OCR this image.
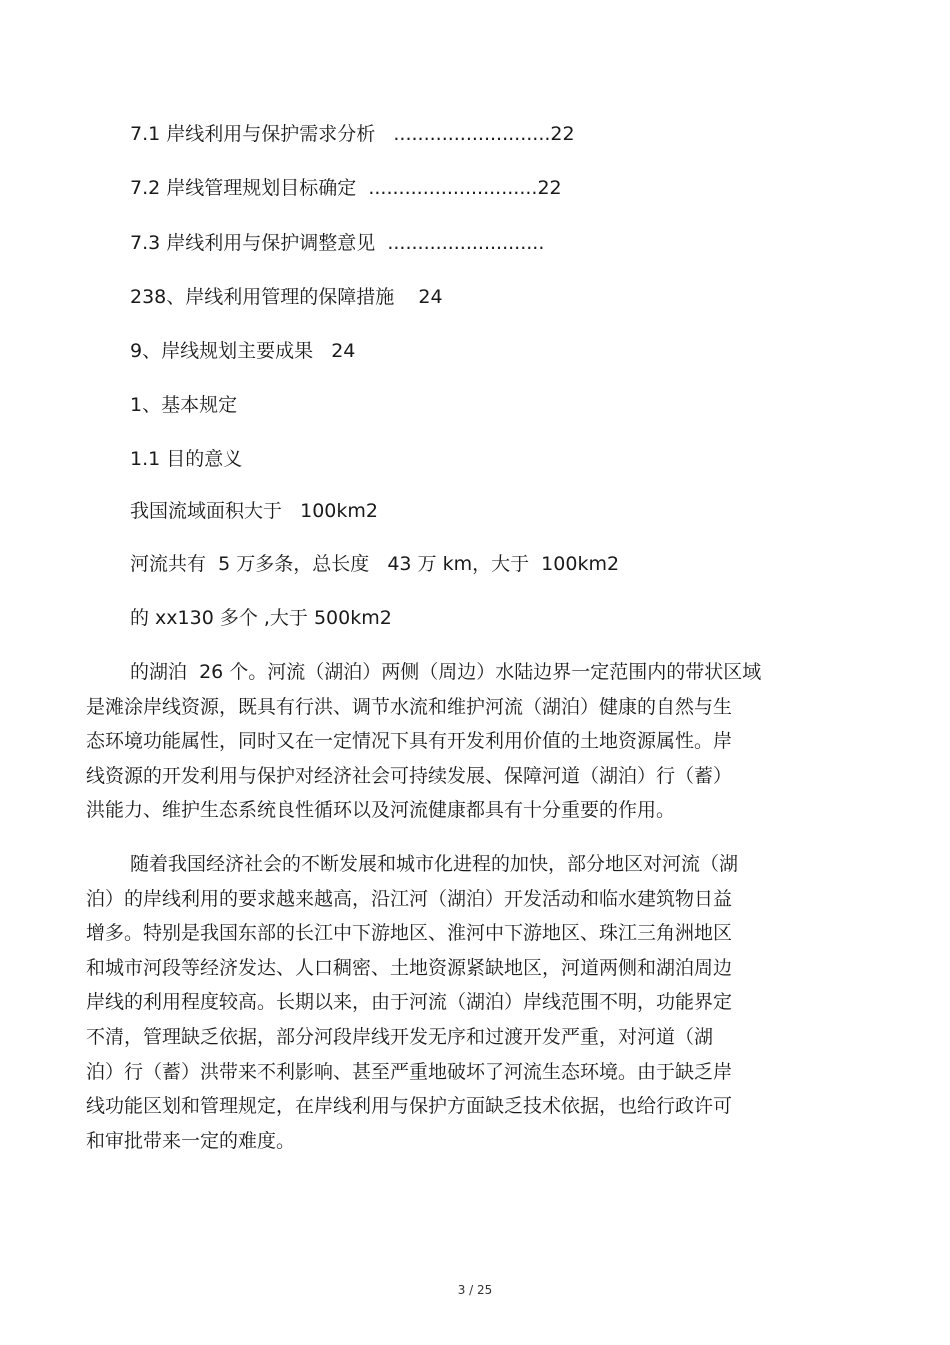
7.1 岸线利用与保护需求分析   ..........................22
7.2 岸线管理规划目标确定  ............................22
7.3 岸线利用与保护调整意见  ..........................
238、岸线利用管理的保障措施    24
9、岸线规划主要成果   24
1、基本规定
1.1 目的意义
我国流域面积大于   100km2
河流共有  5 万多条，总长度   43 万 km，大于  100km2
的 xx130 多个 ,大于 500km2
的湖泊  26 个。河流（湖泊）两侧（周边）水陆边界一定范围内的带状区域
是滩涂岸线资源，既具有行洪、调节水流和维护河流（湖泊）健康的自然与生
态环境功能属性，同时又在一定情况下具有开发利用价值的土地资源属性。岸
线资源的开发利用与保护对经济社会可持续发展、保障河道（湖泊）行（蓄）
洪能力、维护生态系统良性循环以及河流健康都具有十分重要的作用。
随着我国经济社会的不断发展和城市化进程的加快，部分地区对河流（湖
泊）的岸线利用的要求越来越高，沿江河（湖泊）开发活动和临水建筑物日益
增多。特别是我国东部的长江中下游地区、淮河中下游地区、珠江三角洲地区
和城市河段等经济发达、人口稠密、土地资源紧缺地区，河道两侧和湖泊周边
岸线的利用程度较高。长期以来，由于河流（湖泊）岸线范围不明，功能界定
不清，管理缺乏依据，部分河段岸线开发无序和过渡开发严重，对河道（湖
泊）行（蓄）洪带来不利影响、甚至严重地破坏了河流生态环境。由于缺乏岸
线功能区划和管理规定，在岸线利用与保护方面缺乏技术依据，也给行政许可
和审批带来一定的难度。
3 / 25
